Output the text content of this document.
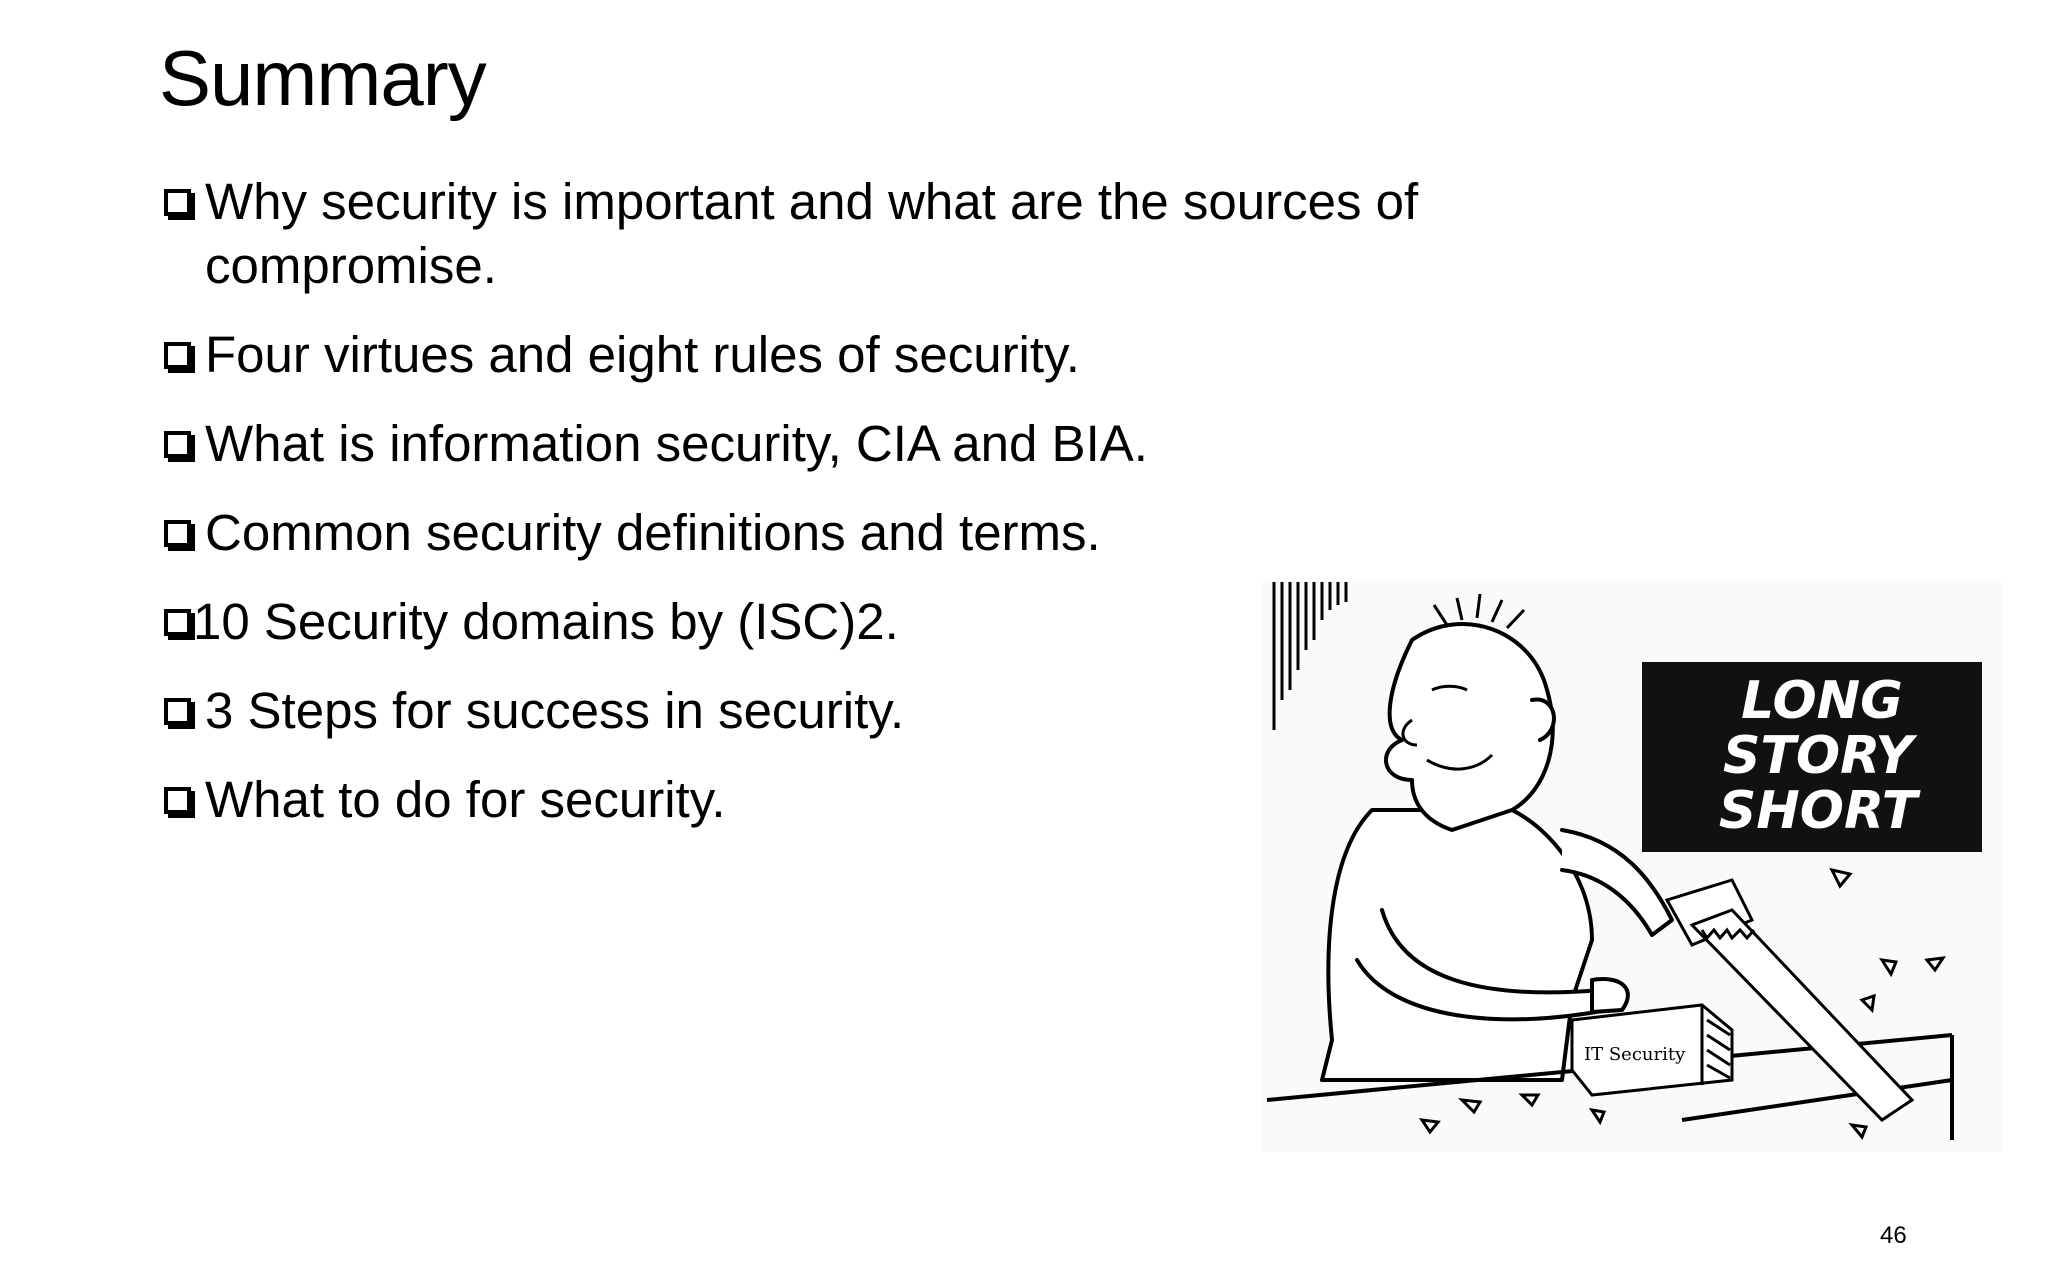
Summary
Why security is important and what are the sources of compromise.
Four virtues and eight rules of security.
What is information security, CIA and BIA.
Common security definitions and terms.
10 Security domains by (ISC)2.
3 Steps for success in security.
What to do for security.
IT Security
LONG
STORY
SHORT
46
